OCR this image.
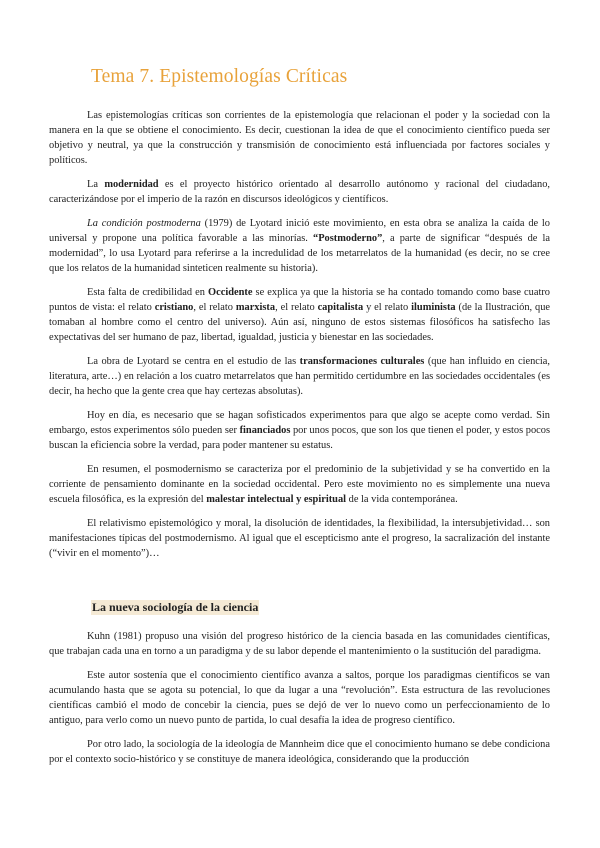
Tema 7. Epistemologías Críticas

Las epistemologías críticas son corrientes de la epistemología que relacionan el poder y la sociedad con la manera en la que se obtiene el conocimiento. Es decir, cuestionan la idea de que el conocimiento científico pueda ser objetivo y neutral, ya que la construcción y transmisión de conocimiento está influenciada por factores sociales y políticos.

La modernidad es el proyecto histórico orientado al desarrollo autónomo y racional del ciudadano, caracterizándose por el imperio de la razón en discursos ideológicos y científicos.

La condición postmoderna (1979) de Lyotard inició este movimiento, en esta obra se analiza la caída de lo universal y propone una política favorable a las minorías. “Postmoderno”, a parte de significar “después de la modernidad”, lo usa Lyotard para referirse a la incredulidad de los metarrelatos de la humanidad (es decir, no se cree que los relatos de la humanidad sinteticen realmente su historia).

Esta falta de credibilidad en Occidente se explica ya que la historia se ha contado tomando como base cuatro puntos de vista: el relato cristiano, el relato marxista, el relato capitalista y el relato iluminista (de la Ilustración, que tomaban al hombre como el centro del universo). Aún así, ninguno de estos sistemas filosóficos ha satisfecho las expectativas del ser humano de paz, libertad, igualdad, justicia y bienestar en las sociedades.

La obra de Lyotard se centra en el estudio de las transformaciones culturales (que han influido en ciencia, literatura, arte…) en relación a los cuatro metarrelatos que han permitido certidumbre en las sociedades occidentales (es decir, ha hecho que la gente crea que hay certezas absolutas).

Hoy en día, es necesario que se hagan sofisticados experimentos para que algo se acepte como verdad. Sin embargo, estos experimentos sólo pueden ser financiados por unos pocos, que son los que tienen el poder, y estos pocos buscan la eficiencia sobre la verdad, para poder mantener su estatus.

En resumen, el posmodernismo se caracteriza por el predominio de la subjetividad y se ha convertido en la corriente de pensamiento dominante en la sociedad occidental. Pero este movimiento no es simplemente una nueva escuela filosófica, es la expresión del malestar intelectual y espiritual de la vida contemporánea.

El relativismo epistemológico y moral, la disolución de identidades, la flexibilidad, la intersubjetividad… son manifestaciones típicas del postmodernismo. Al igual que el escepticismo ante el progreso, la sacralización del instante (“vivir en el momento”)…

La nueva sociología de la ciencia

Kuhn (1981) propuso una visión del progreso histórico de la ciencia basada en las comunidades científicas, que trabajan cada una en torno a un paradigma y de su labor depende el mantenimiento o la sustitución del paradigma.

Este autor sostenía que el conocimiento científico avanza a saltos, porque los paradigmas científicos se van acumulando hasta que se agota su potencial, lo que da lugar a una “revolución”. Esta estructura de las revoluciones científicas cambió el modo de concebir la ciencia, pues se dejó de ver lo nuevo como un perfeccionamiento de lo antiguo, para verlo como un nuevo punto de partida, lo cual desafía la idea de progreso científico.

Por otro lado, la sociología de la ideología de Mannheim dice que el conocimiento humano se debe condiciona por el contexto socio-histórico y se constituye de manera ideológica, considerando que la producción
